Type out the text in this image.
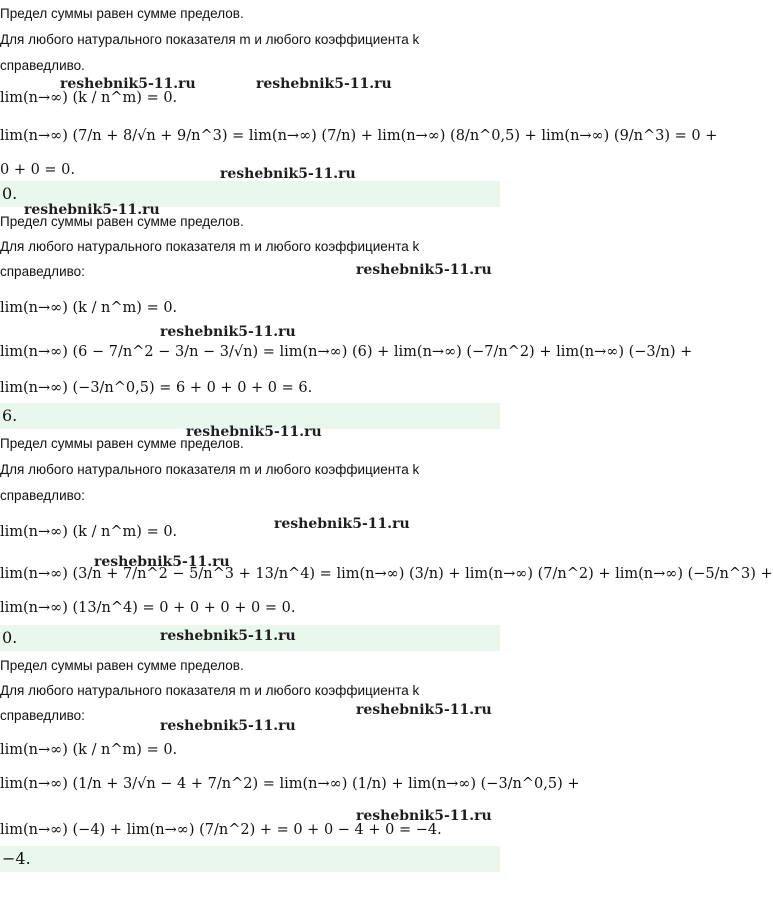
Предел суммы равен сумме пределов.
Для любого натурального показателя m и любого коэффициента k
справедливо.
lim(n→∞) (k / n^m) = 0.
lim(n→∞) (7/n + 8/√n + 9/n^3) = lim(n→∞) (7/n) + lim(n→∞) (8/n^0,5) + lim(n→∞) (9/n^3) = 0 +
0 + 0 = 0.
0.
Предел суммы равен сумме пределов.
Для любого натурального показателя m и любого коэффициента k
справедливо:
lim(n→∞) (k / n^m) = 0.
lim(n→∞) (6 − 7/n^2 − 3/n − 3/√n) = lim(n→∞) (6) + lim(n→∞) (−7/n^2) + lim(n→∞) (−3/n) +
lim(n→∞) (−3/n^0,5) = 6 + 0 + 0 + 0 = 6.
6.
Предел суммы равен сумме пределов.
Для любого натурального показателя m и любого коэффициента k
справедливо:
lim(n→∞) (k / n^m) = 0.
lim(n→∞) (3/n + 7/n^2 − 5/n^3 + 13/n^4) = lim(n→∞) (3/n) + lim(n→∞) (7/n^2) + lim(n→∞) (−5/n^3) +
lim(n→∞) (13/n^4) = 0 + 0 + 0 + 0 = 0.
0.
Предел суммы равен сумме пределов.
Для любого натурального показателя m и любого коэффициента k
справедливо:
lim(n→∞) (k / n^m) = 0.
lim(n→∞) (1/n + 3/√n − 4 + 7/n^2) = lim(n→∞) (1/n) + lim(n→∞) (−3/n^0,5) +
lim(n→∞) (−4) + lim(n→∞) (7/n^2) + = 0 + 0 − 4 + 0 = −4.
−4.
reshebnik5-11.ru	reshebnik5-11.ru
reshebnik5-11.ru
reshebnik5-11.ru
reshebnik5-11.ru
reshebnik5-11.ru
reshebnik5-11.ru
reshebnik5-11.ru
reshebnik5-11.ru
reshebnik5-11.ru
reshebnik5-11.ru
reshebnik5-11.ru
reshebnik5-11.ru
